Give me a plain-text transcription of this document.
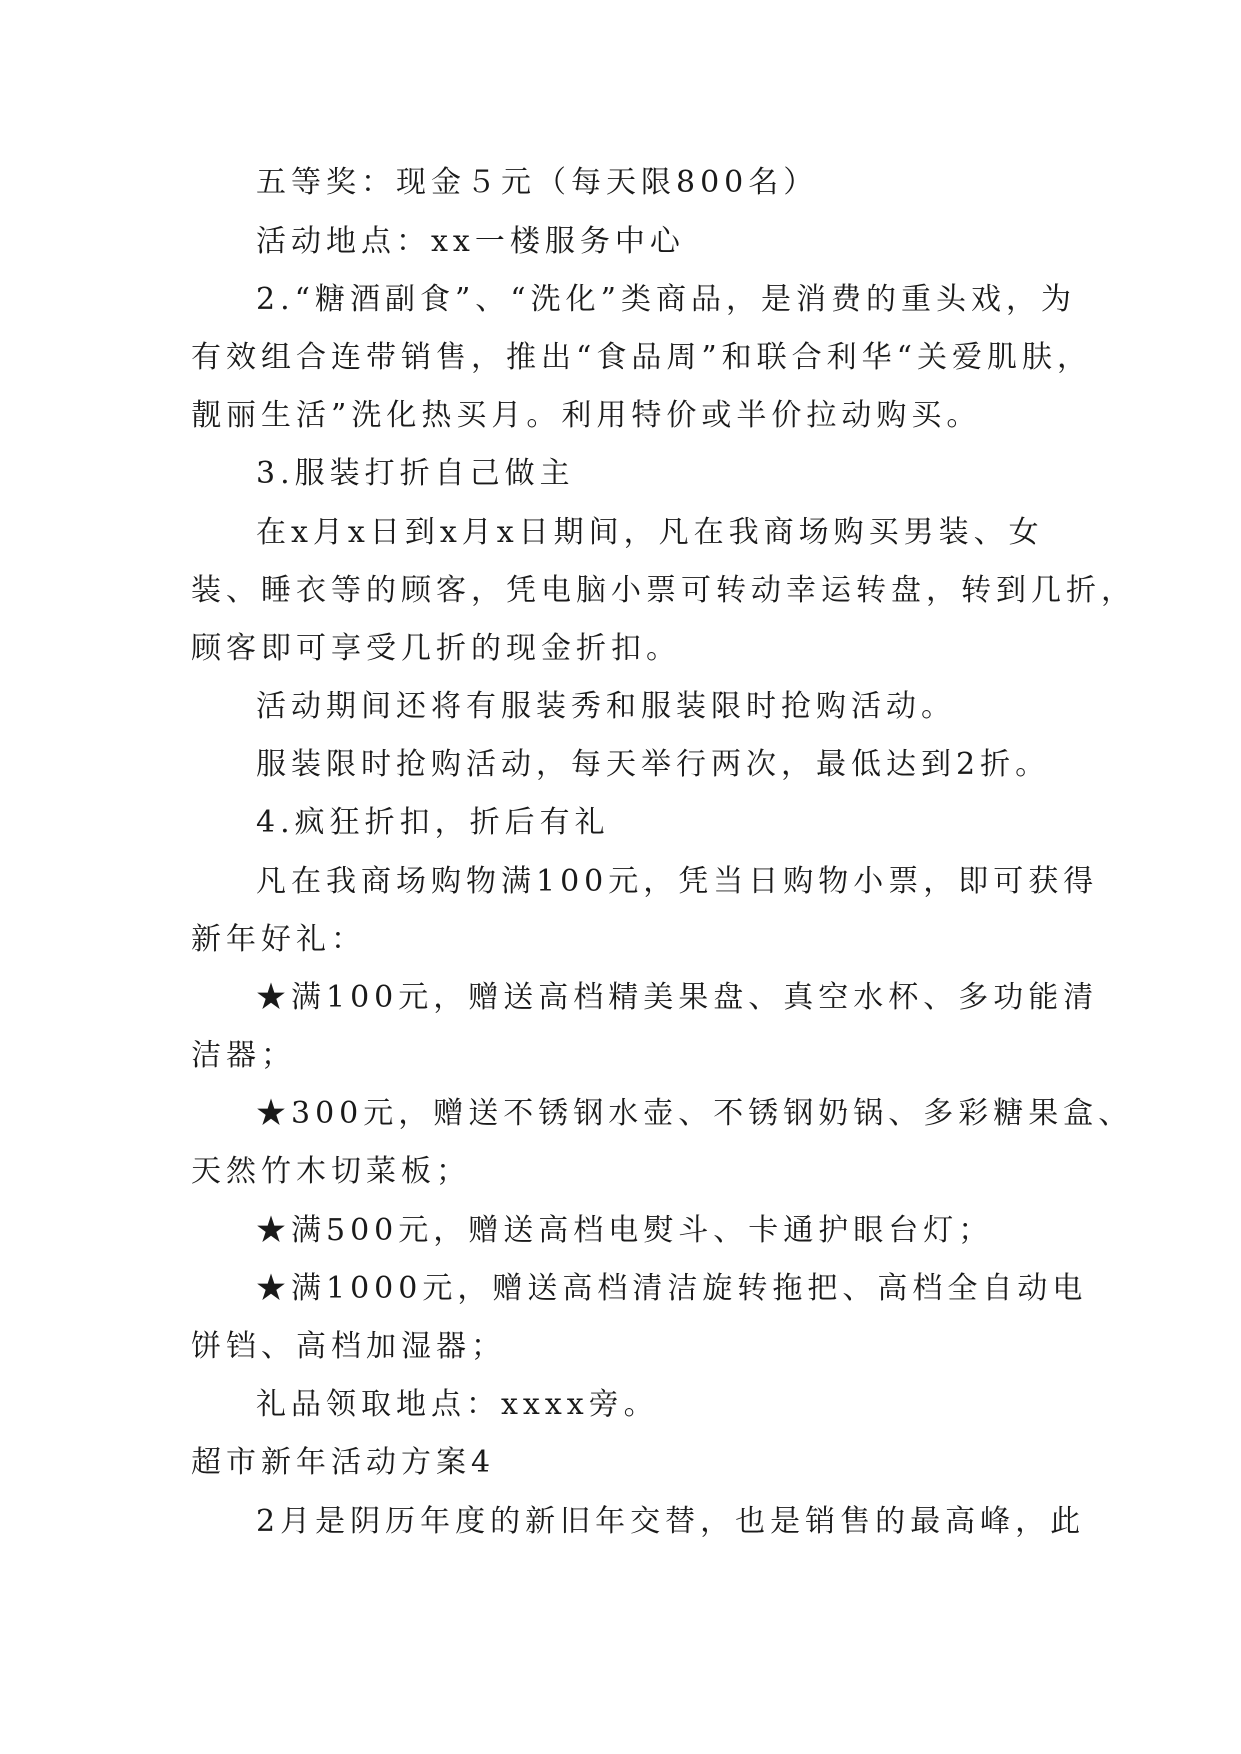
五等奖：现金５元（每天限800名）
活动地点：xx一楼服务中心
2.“糖酒副食”、“洗化”类商品，是消费的重头戏，为
有效组合连带销售，推出“食品周”和联合利华“关爱肌肤，
靓丽生活”洗化热买月。利用特价或半价拉动购买。
3.服装打折自己做主
在x月x日到x月x日期间，凡在我商场购买男装、女
装、睡衣等的顾客，凭电脑小票可转动幸运转盘，转到几折，
顾客即可享受几折的现金折扣。
活动期间还将有服装秀和服装限时抢购活动。
服装限时抢购活动，每天举行两次，最低达到2折。
4.疯狂折扣，折后有礼
凡在我商场购物满100元，凭当日购物小票，即可获得
新年好礼：
★满100元，赠送高档精美果盘、真空水杯、多功能清
洁器；
★300元，赠送不锈钢水壶、不锈钢奶锅、多彩糖果盒、
天然竹木切菜板；
★满500元，赠送高档电熨斗、卡通护眼台灯；
★满1000元，赠送高档清洁旋转拖把、高档全自动电
饼铛、高档加湿器；
礼品领取地点：xxxx旁。
超市新年活动方案4
2月是阴历年度的新旧年交替，也是销售的最高峰，此
